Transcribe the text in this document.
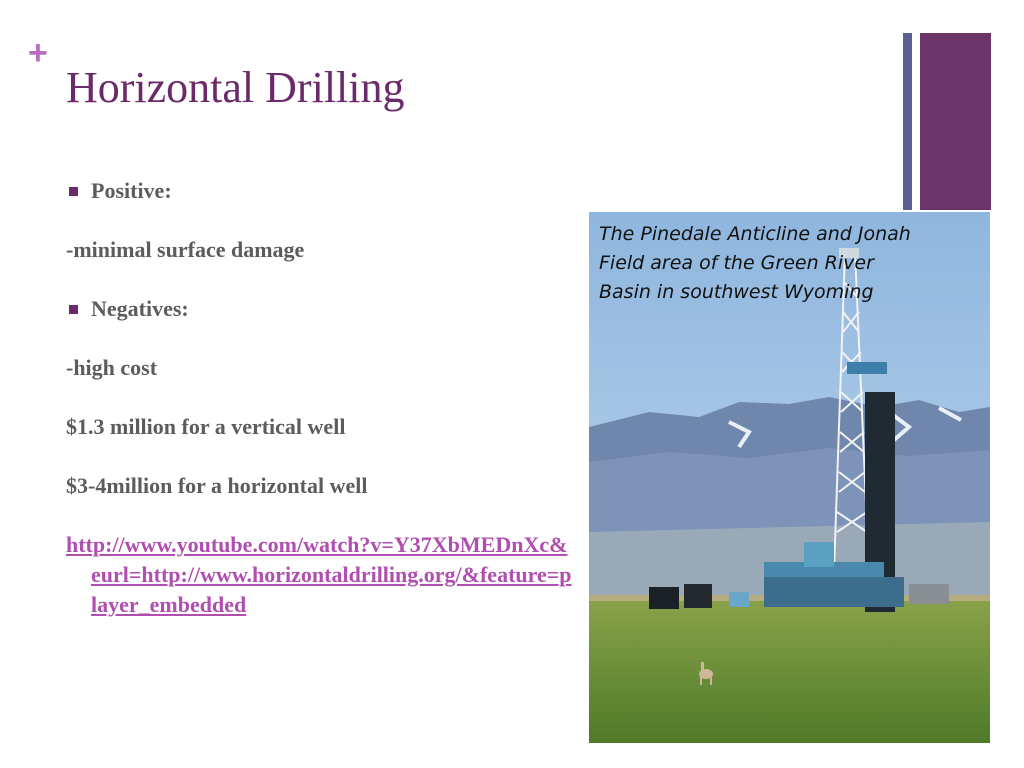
+
Horizontal Drilling

Positive:

-minimal surface damage

Negatives:

-high cost

$1.3 million for a vertical well

$3-4million for a horizontal well

http://www.youtube.com/watch?v=Y37XbMEDnXc&eurl=http://www.horizontaldrilling.org/&feature=player_embedded
The Pinedale Anticline and Jonah Field area of the Green River Basin in southwest Wyoming
